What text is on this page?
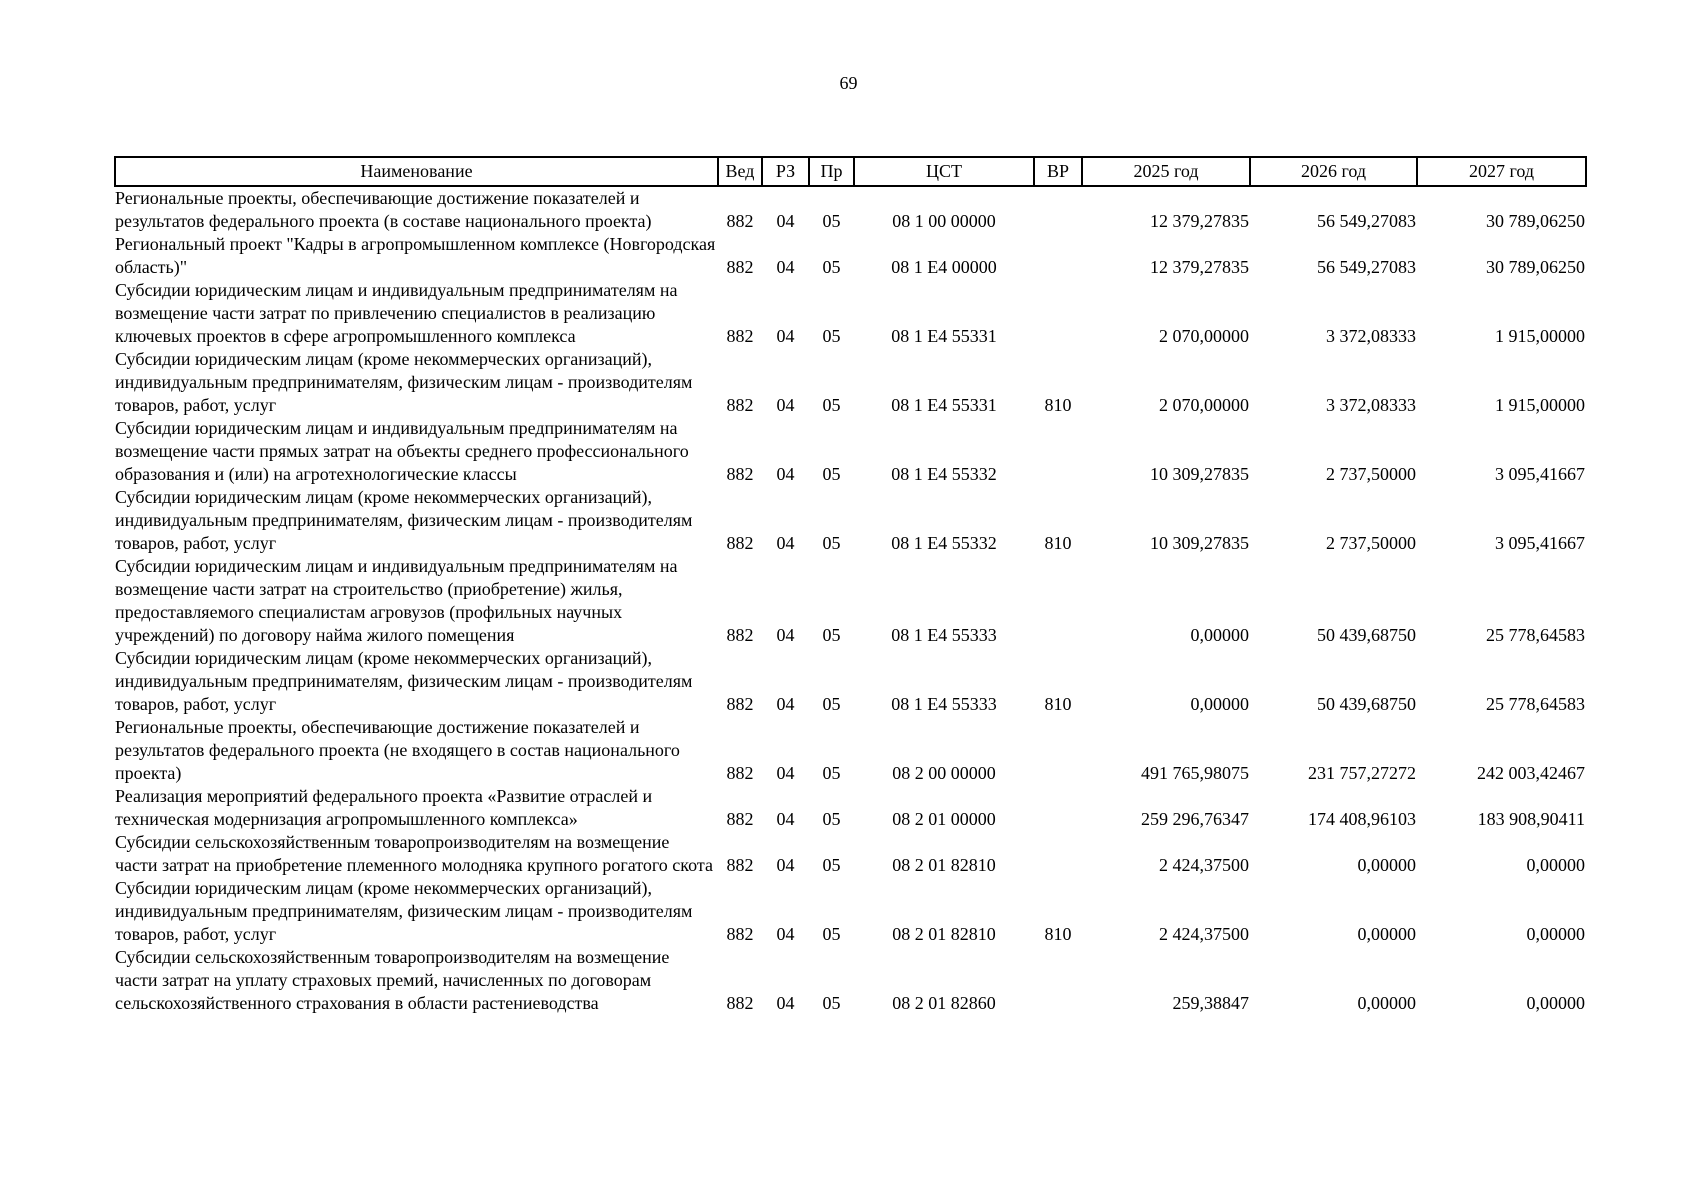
69
Наименование	Вед	РЗ	Пр	ЦСТ	ВР	2025 год	2026 год	2027 год
Региональные проекты, обеспечивающие достижение показателей и результатов федерального проекта (в составе национального проекта)	882	04	05	08 1 00 00000		12 379,27835	56 549,27083	30 789,06250
Региональный проект "Кадры в агропромышленном комплексе (Новгородская область)"	882	04	05	08 1 Е4 00000		12 379,27835	56 549,27083	30 789,06250
Субсидии юридическим лицам и индивидуальным предпринимателям на возмещение части затрат по привлечению специалистов в реализацию ключевых проектов в сфере агропромышленного комплекса	882	04	05	08 1 Е4 55331		2 070,00000	3 372,08333	1 915,00000
Субсидии юридическим лицам (кроме некоммерческих организаций), индивидуальным предпринимателям, физическим лицам - производителям товаров, работ, услуг	882	04	05	08 1 Е4 55331	810	2 070,00000	3 372,08333	1 915,00000
Субсидии юридическим лицам и индивидуальным предпринимателям на возмещение части прямых затрат на объекты среднего профессионального образования и (или) на агротехнологические классы	882	04	05	08 1 Е4 55332		10 309,27835	2 737,50000	3 095,41667
Субсидии юридическим лицам (кроме некоммерческих организаций), индивидуальным предпринимателям, физическим лицам - производителям товаров, работ, услуг	882	04	05	08 1 Е4 55332	810	10 309,27835	2 737,50000	3 095,41667
Субсидии юридическим лицам и индивидуальным предпринимателям на возмещение части затрат на строительство (приобретение) жилья, предоставляемого специалистам агровузов (профильных научных учреждений) по договору найма жилого помещения	882	04	05	08 1 Е4 55333		0,00000	50 439,68750	25 778,64583
Субсидии юридическим лицам (кроме некоммерческих организаций), индивидуальным предпринимателям, физическим лицам - производителям товаров, работ, услуг	882	04	05	08 1 Е4 55333	810	0,00000	50 439,68750	25 778,64583
Региональные проекты, обеспечивающие достижение показателей и результатов федерального проекта (не входящего в состав национального проекта)	882	04	05	08 2 00 00000		491 765,98075	231 757,27272	242 003,42467
Реализация мероприятий федерального проекта «Развитие отраслей и техническая модернизация агропромышленного комплекса»	882	04	05	08 2 01 00000		259 296,76347	174 408,96103	183 908,90411
Субсидии сельскохозяйственным товаропроизводителям на возмещение части затрат на приобретение племенного молодняка крупного рогатого скота	882	04	05	08 2 01 82810		2 424,37500	0,00000	0,00000
Субсидии юридическим лицам (кроме некоммерческих организаций), индивидуальным предпринимателям, физическим лицам - производителям товаров, работ, услуг	882	04	05	08 2 01 82810	810	2 424,37500	0,00000	0,00000
Субсидии сельскохозяйственным товаропроизводителям на возмещение части затрат на уплату страховых премий, начисленных по договорам сельскохозяйственного страхования в области растениеводства	882	04	05	08 2 01 82860		259,38847	0,00000	0,00000
